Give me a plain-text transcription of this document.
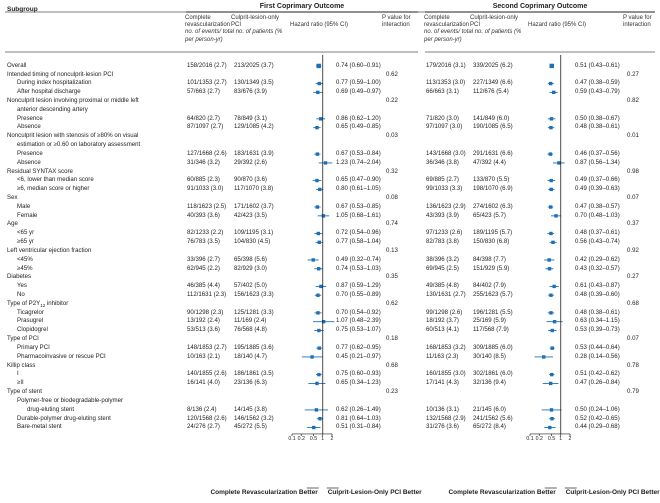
Subgroup	First Coprimary Outcome
Complete revascularization
Culprit-lesion-only PCI
no. of events/ total no. of patients (% per person-yr)
Hazard ratio (95% CI)
P value for interaction
Second Coprimary Outcome
Complete revascularization
Culprit-lesion-only PCI
no. of events/ total no. of patients (% per person-yr)
Hazard ratio (95% CI)
P value for interaction
Overall	158/2016 (2.7) 213/2025 (3.7)	0.74 (0.60–0.91)	179/2016 (3.1) 339/2025 (6.2)	0.51 (0.43–0.61)
Intended timing of nonculprit-lesion PCI	0.62	0.27
During index hospitalization	101/1353 (2.7) 130/1349 (3.5)	0.77 (0.59–1.00)	113/1353 (3.0) 227/1349 (6.6)	0.47 (0.38–0.59)
After hospital discharge	57/663 (2.7) 83/676 (3.9)	0.69 (0.49–0.97)	66/663 (3.1) 112/676 (5.4)	0.59 (0.43–0.79)
Nonculprit lesion involving proximal or middle left
anterior descending artery
0.22	0.82
Presence	64/820 (2.7) 78/849 (3.1)	0.86 (0.62–1.20)	71/820 (3.0) 141/849 (6.0)	0.50 (0.38–0.67)
Absence	87/1097 (2.7) 129/1085 (4.2)	0.65 (0.49–0.85)	97/1097 (3.0) 190/1085 (6.5)	0.48 (0.38–0.61)
Nonculprit lesion with stenosis of ≥80% on visual
estimation or ≥0.60 on laboratory assessment
0.03	0.01
Presence	127/1668 (2.6) 183/1631 (3.9)	0.67 (0.53–0.84)	143/1668 (3.0) 291/1631 (6.6)	0.46 (0.37–0.56)
Absence	31/346 (3.2) 29/392 (2.6)	1.23 (0.74–2.04)	36/346 (3.8) 47/392 (4.4)	0.87 (0.56–1.34)
Residual SYNTAX score	0.32	0.98
<6, lower than median score	60/885 (2.3) 90/870 (3.6)	0.65 (0.47–0.90)	69/885 (2.7) 133/870 (5.5)	0.49 (0.37–0.66)
≥6, median score or higher	91/1033 (3.0) 117/1070 (3.8)	0.80 (0.61–1.05)	99/1033 (3.3) 198/1070 (6.9)	0.49 (0.39–0.63)
Sex	0.08	0.07
Male	118/1623 (2.5) 171/1602 (3.7)	0.67 (0.53–0.85)	136/1623 (2.9) 274/1602 (6.3)	0.47 (0.38–0.57)
Female	40/393 (3.6) 42/423 (3.5)	1.05 (0.68–1.61)	43/393 (3.9) 65/423 (5.7)	0.70 (0.48–1.03)
Age	0.74	0.37
<65 yr	82/1233 (2.2) 109/1195 (3.1)	0.72 (0.54–0.96)	97/1233 (2.6) 189/1195 (5.7)	0.48 (0.37–0.61)
≥65 yr	76/783 (3.5) 104/830 (4.5)	0.77 (0.58–1.04)	82/783 (3.8) 150/830 (6.8)	0.56 (0.43–0.74)
Left ventricular ejection fraction	0.13	0.92
<45%	33/396 (2.7) 65/398 (5.6)	0.49 (0.32–0.74)	38/396 (3.2) 84/398 (7.7)	0.42 (0.29–0.62)
≥45%	62/945 (2.2) 82/929 (3.0)	0.74 (0.53–1.03)	69/945 (2.5) 151/929 (5.9)	0.43 (0.32–0.57)
Diabetes	0.35	0.27
Yes	46/385 (4.4) 57/402 (5.0)	0.87 (0.59–1.29)	49/385 (4.8) 84/402 (7.9)	0.61 (0.43–0.87)
No	112/1631 (2.3) 156/1623 (3.3)	0.70 (0.55–0.89)	130/1631 (2.7) 255/1623 (5.7)	0.48 (0.39–0.60)
Type of $P2Y_{12}$ inhibitor	0.62	0.68
Ticagrelor	90/1298 (2.3) 125/1281 (3.3)	0.70 (0.54–0.92)	99/1298 (2.6) 196/1281 (5.5)	0.48 (0.38–0.61)
Prasugrel	13/192 (2.4) 11/169 (2.4)	1.07 (0.48–2.39)	18/192 (3.7) 25/169 (5.9)	0.63 (0.34–1.15)
Clopidogrel	53/513 (3.6) 76/568 (4.8)	0.75 (0.53–1.07)	60/513 (4.1) 117/568 (7.9)	0.53 (0.39–0.73)
Type of PCI	0.18	0.07
Primary PCI	148/1853 (2.7) 195/1885 (3.6)	0.77 (0.62–0.95)	168/1853 (3.2) 309/1885 (6.0)	0.53 (0.44–0.64)
Pharmacoinvasive or rescue PCI	10/163 (2.1) 18/140 (4.7)	0.45 (0.21–0.97)	11/163 (2.3) 30/140 (8.5)	0.28 (0.14–0.56)
Killip class	0.68	0.78
I	140/1855 (2.6) 186/1861 (3.5)	0.75 (0.60–0.93)	160/1855 (3.0) 302/1861 (6.0)	0.51 (0.42–0.62)
≥II	16/141 (4.0) 23/136 (6.3)	0.65 (0.34–1.23)	17/141 (4.3) 32/136 (9.4)	0.47 (0.26–0.84)
Type of stent	0.23	0.79
Polymer-free or biodegradable-polymer
drug-eluting stent	8/136 (2.4)	14/145 (3.8)	0.62 (0.26–1.49)	10/136 (3.1) 21/145 (6.0)	0.50 (0.24–1.06)
Durable-polymer drug-eluting stent	120/1568 (2.6) 146/1562 (3.2)	0.81 (0.64–1.03)	132/1568 (2.9) 241/1562 (5.6)	0.52 (0.42–0.65)
Bare-metal stent	24/276 (2.7) 45/272 (5.5)	0.51 (0.31–0.84)	31/276 (3.6) 65/272 (8.4)	0.44 (0.29–0.68)
0.1 0.2 0.5 1	2
Complete Revascularization Better Culprit-Lesion-Only PCI Better
0.1 0.2 0.5 1	2
Complete Revascularization Better Culprit-Lesion-Only PCI Better
